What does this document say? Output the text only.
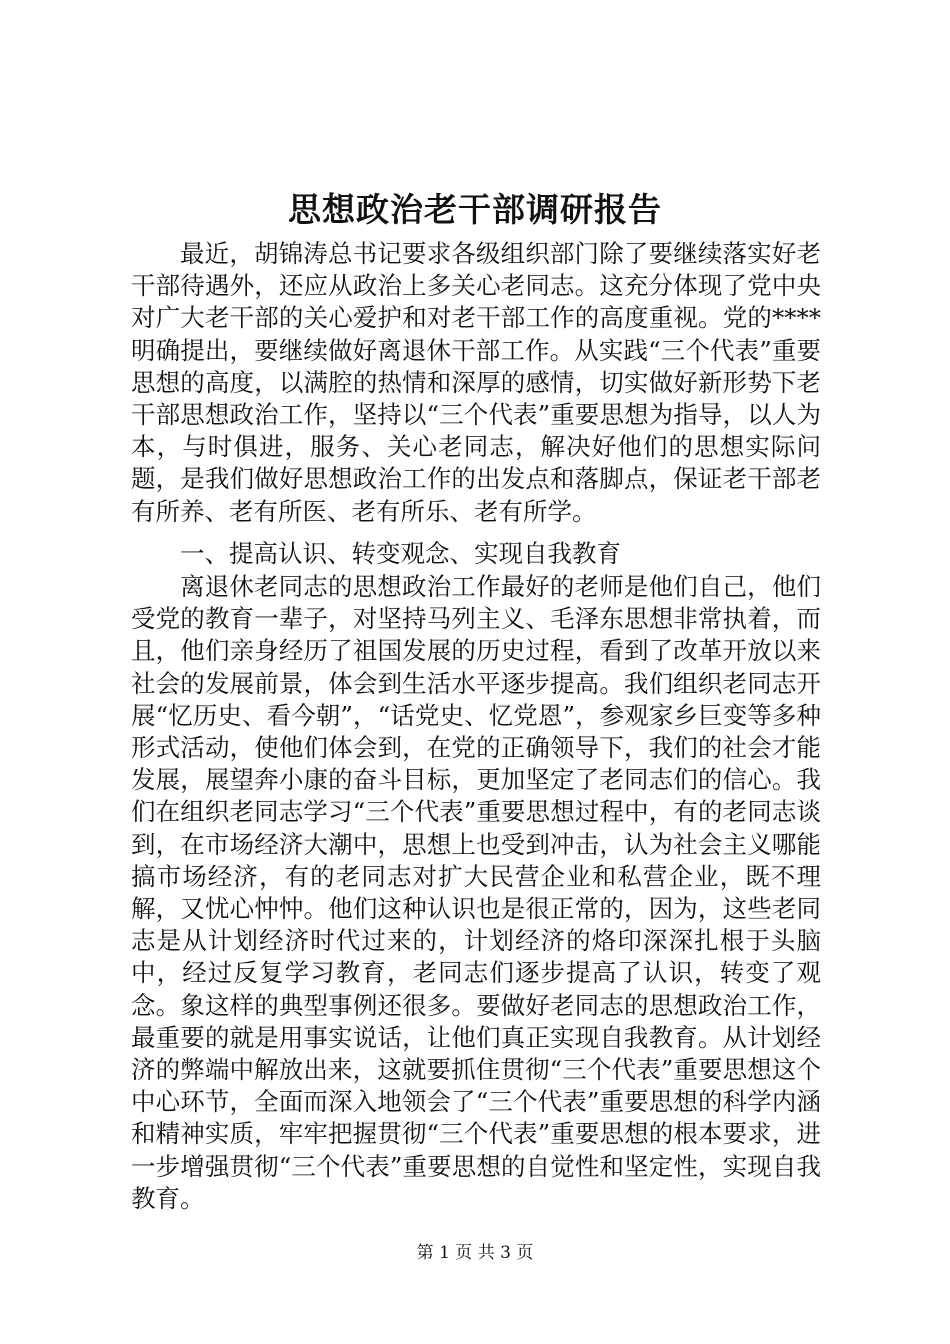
思想政治老干部调研报告

最近，胡锦涛总书记要求各级组织部门除了要继续落实好老干部待遇外，还应从政治上多关心老同志。这充分体现了党中央对广大老干部的关心爱护和对老干部工作的高度重视。党的****明确提出，要继续做好离退休干部工作。从实践“三个代表”重要思想的高度，以满腔的热情和深厚的感情，切实做好新形势下老干部思想政治工作，坚持以“三个代表”重要思想为指导，以人为本，与时俱进，服务、关心老同志，解决好他们的思想实际问题，是我们做好思想政治工作的出发点和落脚点，保证老干部老有所养、老有所医、老有所乐、老有所学。

一、提高认识、转变观念、实现自我教育

离退休老同志的思想政治工作最好的老师是他们自己，他们受党的教育一辈子，对坚持马列主义、毛泽东思想非常执着，而且，他们亲身经历了祖国发展的历史过程，看到了改革开放以来社会的发展前景，体会到生活水平逐步提高。我们组织老同志开展“忆历史、看今朝”，“话党史、忆党恩”，参观家乡巨变等多种形式活动，使他们体会到，在党的正确领导下，我们的社会才能发展，展望奔小康的奋斗目标，更加坚定了老同志们的信心。我们在组织老同志学习“三个代表”重要思想过程中，有的老同志谈到，在市场经济大潮中，思想上也受到冲击，认为社会主义哪能搞市场经济，有的老同志对扩大民营企业和私营企业，既不理解，又忧心忡忡。他们这种认识也是很正常的，因为，这些老同志是从计划经济时代过来的，计划经济的烙印深深扎根于头脑中，经过反复学习教育，老同志们逐步提高了认识，转变了观念。象这样的典型事例还很多。要做好老同志的思想政治工作，最重要的就是用事实说话，让他们真正实现自我教育。从计划经济的弊端中解放出来，这就要抓住贯彻“三个代表”重要思想这个中心环节，全面而深入地领会了“三个代表”重要思想的科学内涵和精神实质，牢牢把握贯彻“三个代表”重要思想的根本要求，进一步增强贯彻“三个代表”重要思想的自觉性和坚定性，实现自我教育。

第 1 页 共 3 页
